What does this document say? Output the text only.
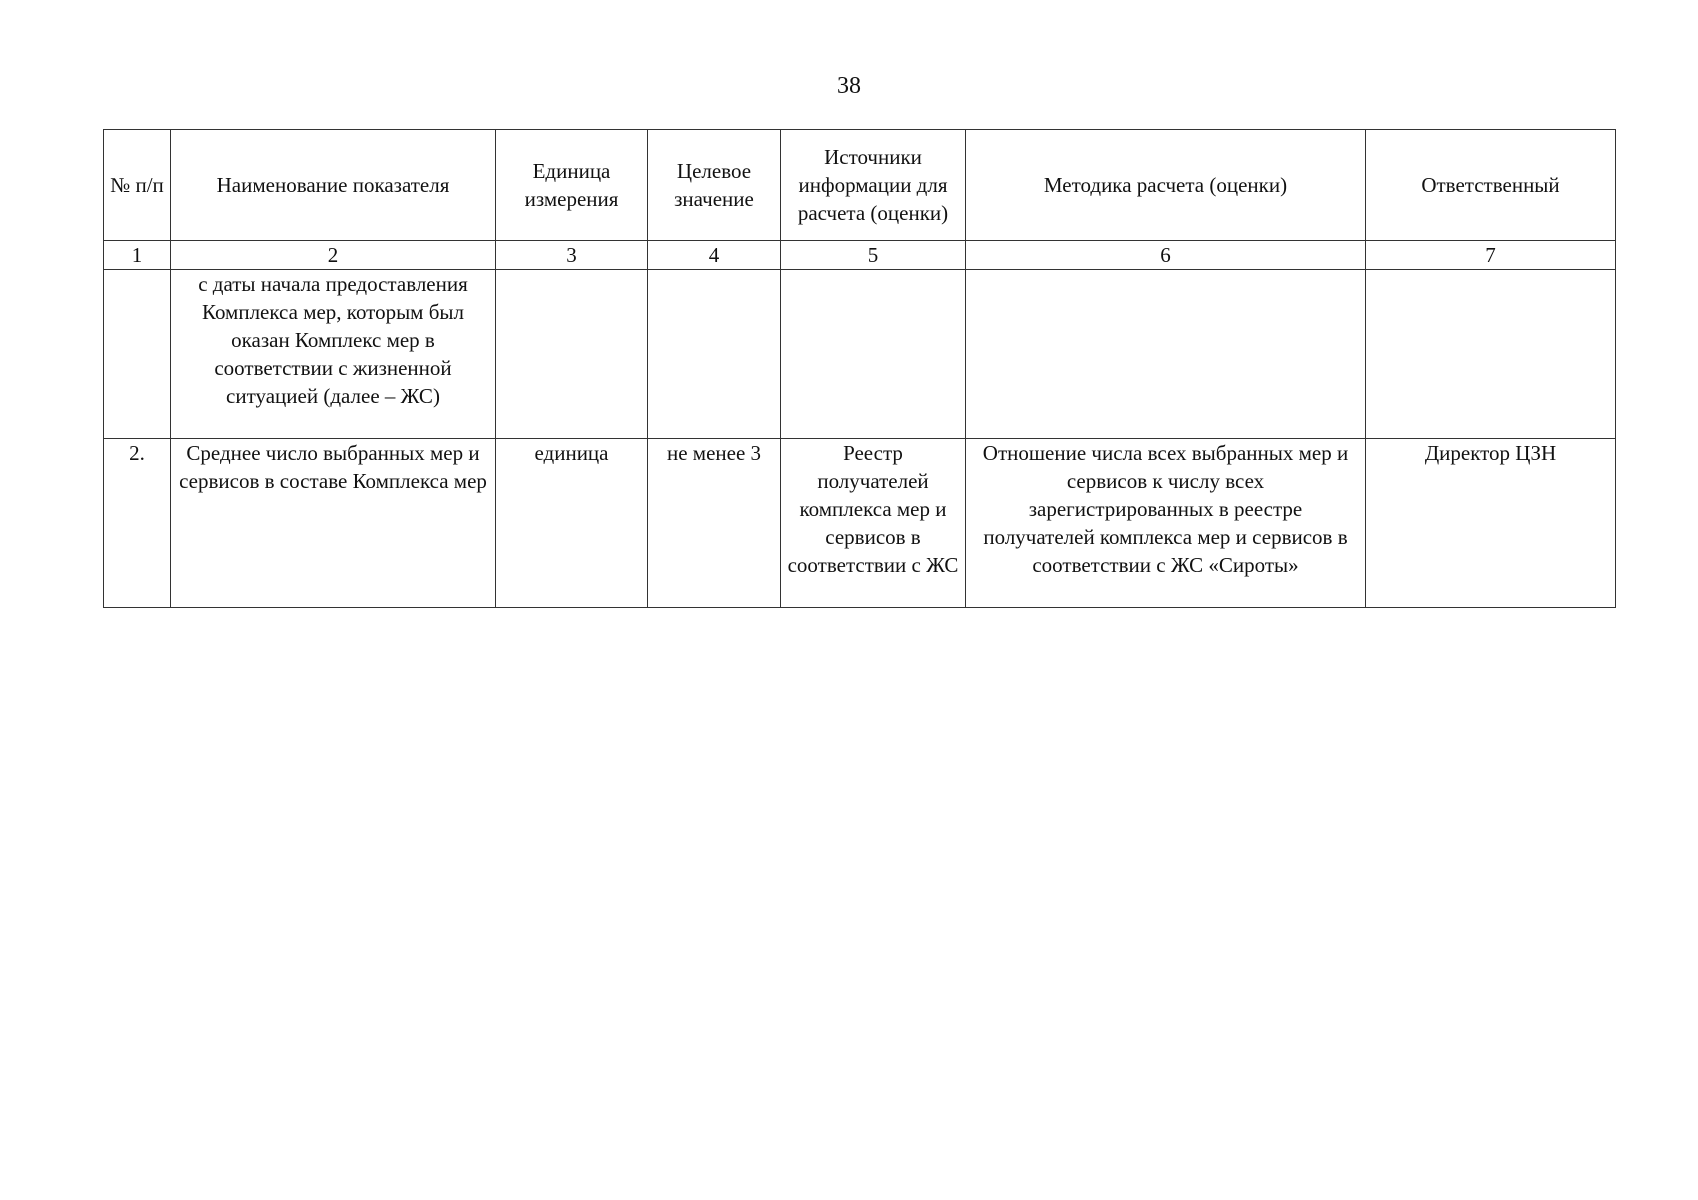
38
№ п/п	Наименование показателя	Единица измерения	Целевое значение	Источники информации для расчета (оценки)	Методика расчета (оценки)	Ответственный
1	2	3	4	5	6	7
	с даты начала предоставления Комплекса мер, которым был оказан Комплекс мер в соответствии с жизненной ситуацией (далее – ЖС)					
2.	Среднее число выбранных мер и сервисов в составе Комплекса мер	единица	не менее 3	Реестр получателей комплекса мер и сервисов в соответствии с ЖС	Отношение числа всех выбранных мер и сервисов к числу всех зарегистрированных в реестре получателей комплекса мер и сервисов в соответствии с ЖС «Сироты»	Директор ЦЗН
